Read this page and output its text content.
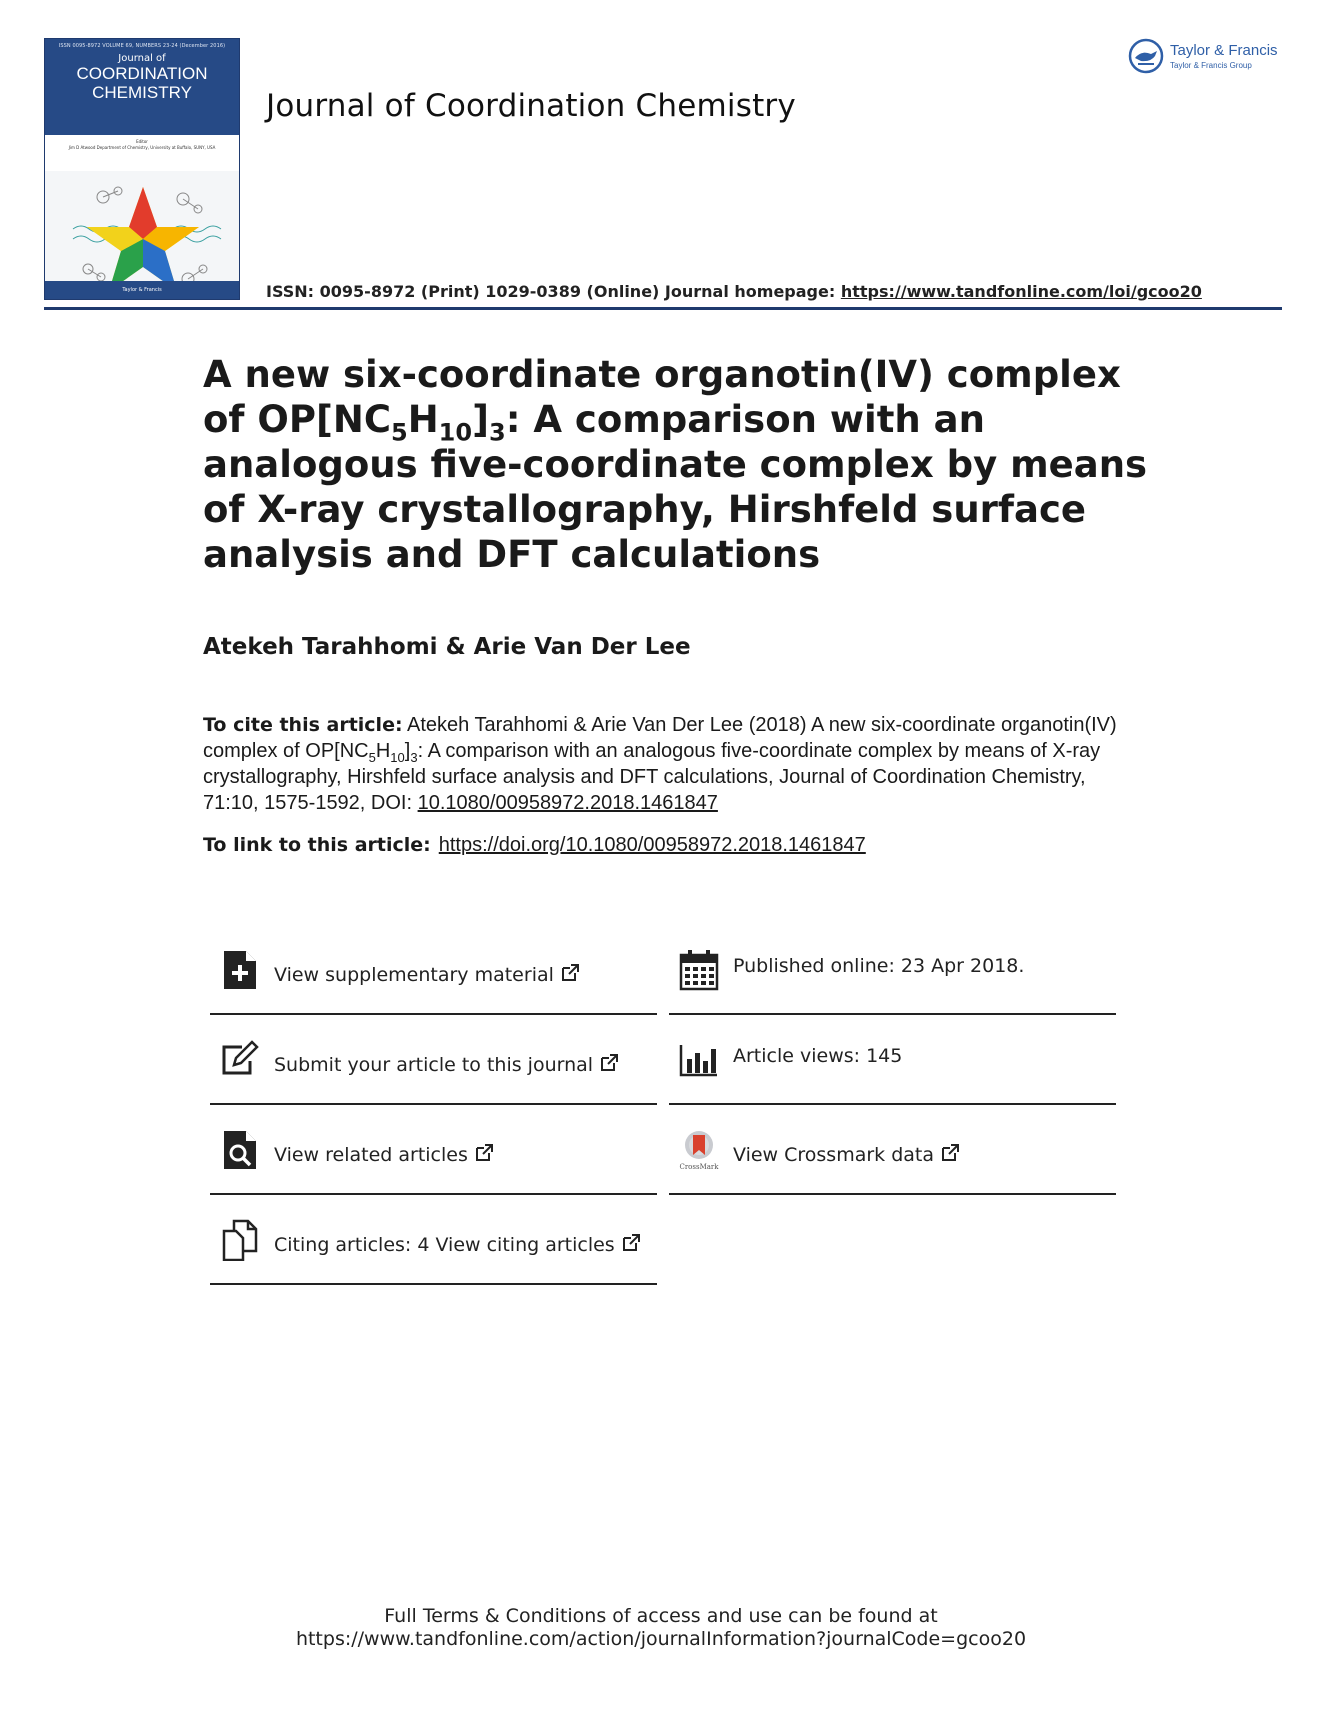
ISSN 0095-8972 VOLUME 69, NUMBERS 23-24 (December 2016)
Journal of
COORDINATION
CHEMISTRY
Editor
Jim D Atwood Department of Chemistry, University at Buffalo, SUNY, USA
Taylor & Francis
Journal of Coordination Chemistry
Taylor & Francis
Taylor & Francis Group
ISSN: 0095-8972 (Print) 1029-0389 (Online) Journal homepage: https://www.tandfonline.com/loi/gcoo20
A new six-coordinate organotin(IV) complex of $OP[NC_5H_{10}]_3$: A comparison with an analogous five-coordinate complex by means of X-ray crystallography, Hirshfeld surface analysis and DFT calculations
Atekeh Tarahhomi & Arie Van Der Lee
To cite this article: Atekeh Tarahhomi & Arie Van Der Lee (2018) A new six-coordinate organotin(IV) complex of $OP[NC_5H_{10}]_3$: A comparison with an analogous five-coordinate complex by means of X-ray crystallography, Hirshfeld surface analysis and DFT calculations, Journal of Coordination Chemistry, 71:10, 1575-1592, DOI: 10.1080/00958972.2018.1461847
To link to this article: https://doi.org/10.1080/00958972.2018.1461847
View supplementary material
Submit your article to this journal
View related articles
Citing articles: 4 View citing articles
Published online: 23 Apr 2018.
Article views: 145
CrossMark
View Crossmark data
Full Terms & Conditions of access and use can be found at
https://www.tandfonline.com/action/journalInformation?journalCode=gcoo20
